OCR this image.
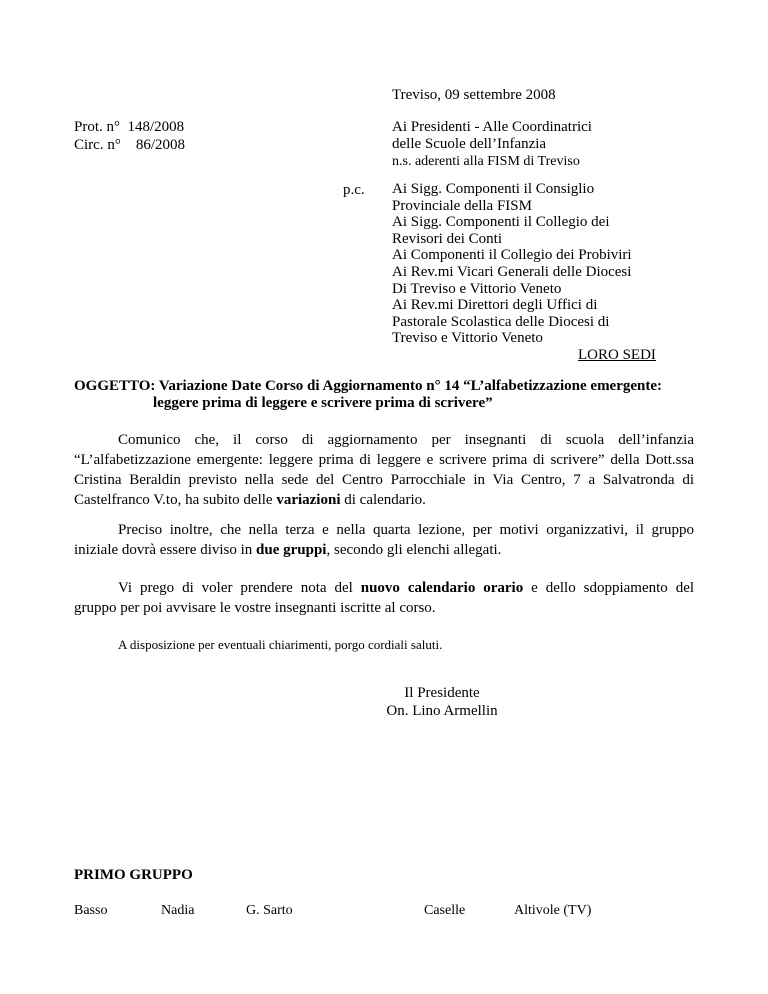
Treviso, 09 settembre 2008
Prot. n° 148/2008
Circ. n° 86/2008
Ai Presidenti - Alle Coordinatrici
delle Scuole dell’Infanzia
n.s. aderenti alla FISM di Treviso
p.c. Ai Sigg. Componenti il Consiglio
Provinciale della FISM
Ai Sigg. Componenti il Collegio dei
Revisori dei Conti
Ai Componenti il Collegio dei Probiviri
Ai Rev.mi Vicari Generali delle Diocesi
Di Treviso e Vittorio Veneto
Ai Rev.mi Direttori degli Uffici di
Pastorale Scolastica delle Diocesi di
Treviso e Vittorio Veneto
LORO SEDI
OGGETTO: Variazione Date Corso di Aggiornamento n° 14 “L’alfabetizzazione emergente:
leggere prima di leggere e scrivere prima di scrivere”
Comunico che, il corso di aggiornamento per insegnanti di scuola dell’infanzia
“L’alfabetizzazione emergente: leggere prima di leggere e scrivere prima di scrivere” della Dott.ssa
Cristina Beraldin previsto nella sede del Centro Parrocchiale in Via Centro, 7 a Salvatronda di
Castelfranco V.to, ha subito delle variazioni di calendario.
Preciso inoltre, che nella terza e nella quarta lezione, per motivi organizzativi, il gruppo
iniziale dovrà essere diviso in due gruppi, secondo gli elenchi allegati.
Vi prego di voler prendere nota del nuovo calendario orario e dello sdoppiamento del
gruppo per poi avvisare le vostre insegnanti iscritte al corso.
A disposizione per eventuali chiarimenti, porgo cordiali saluti.
Il Presidente
On. Lino Armellin
PRIMO GRUPPO
Basso	Nadia	G. Sarto	Caselle	Altivole (TV)
